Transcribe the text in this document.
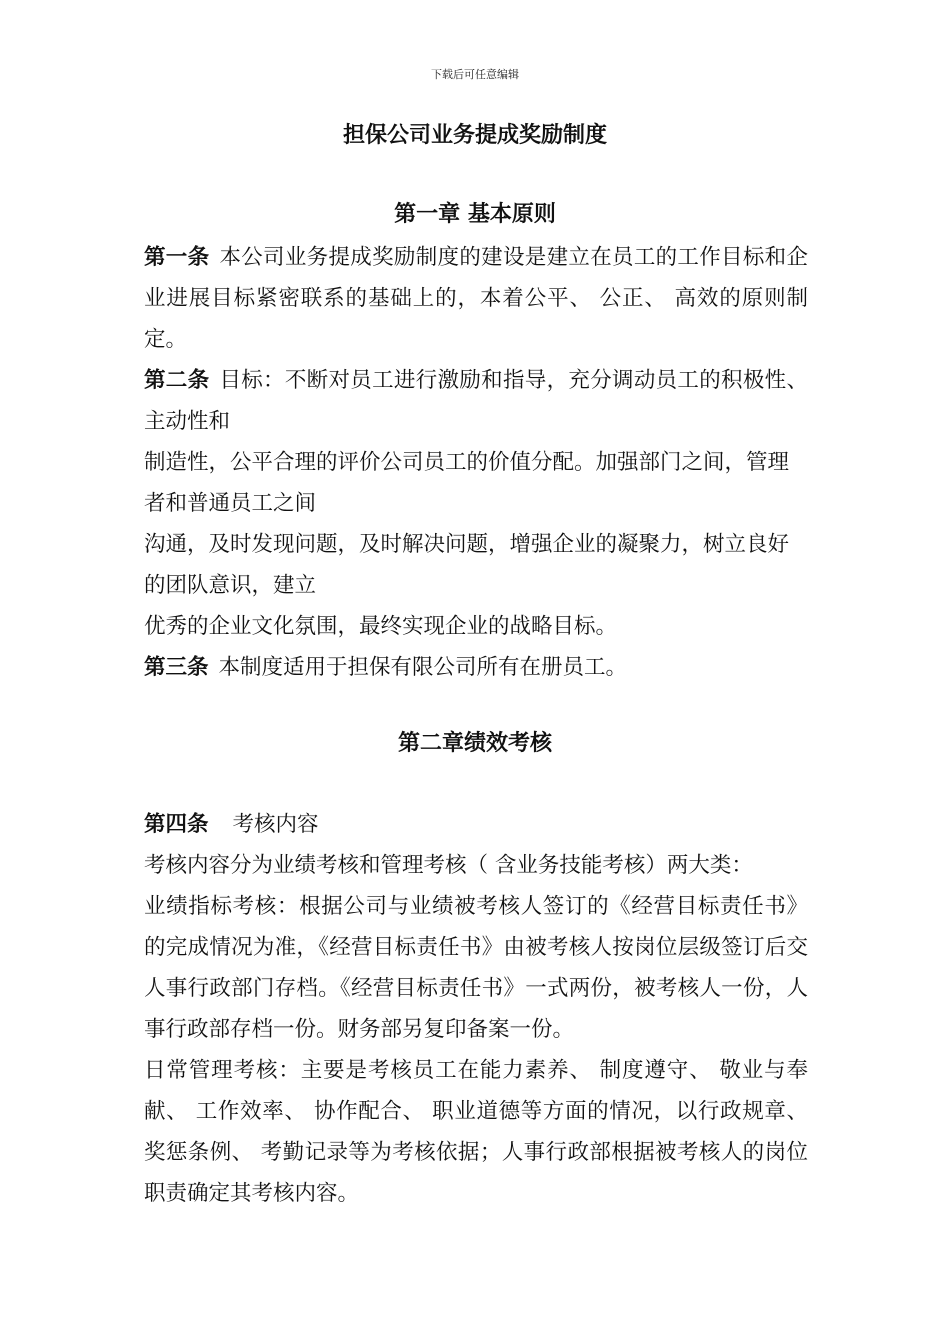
下载后可任意编辑
担保公司业务提成奖励制度
第一章 基本原则

第一条 本公司业务提成奖励制度的建设是建立在员工的工作目标和企业进展目标紧密联系的基础上的，本着公平、 公正、 高效的原则制定。

第二条 目标：不断对员工进行激励和指导，充分调动员工的积极性、 主动性和

制造性，公平合理的评价公司员工的价值分配。加强部门之间，管理者和普通员工之间

沟通，及时发现问题，及时解决问题，增强企业的凝聚力，树立良好的团队意识，建立

优秀的企业文化氛围，最终实现企业的战略目标。

第三条 本制度适用于担保有限公司所有在册员工。

第二章绩效考核

第四条 考核内容

考核内容分为业绩考核和管理考核（ 含业务技能考核）两大类：

业绩指标考核：根据公司与业绩被考核人签订的《经营目标责任书》的完成情况为准，《经营目标责任书》由被考核人按岗位层级签订后交人事行政部门存档。《经营目标责任书》一式两份，被考核人一份，人事行政部存档一份。财务部另复印备案一份。

日常管理考核：主要是考核员工在能力素养、 制度遵守、 敬业与奉献、 工作效率、 协作配合、 职业道德等方面的情况，以行政规章、 奖惩条例、 考勤记录等为考核依据；人事行政部根据被考核人的岗位职责确定其考核内容。
